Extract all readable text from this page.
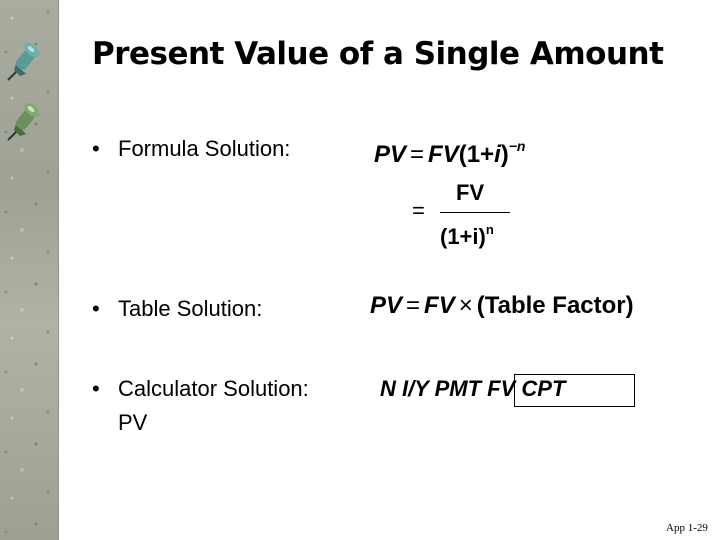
Present Value of a Single Amount
• Formula Solution:	PV = $FV(1+i)^{-n}$
=
FV
$(1+i)^n$
• Table Solution:	PV = FV × (Table Factor)
• Calculator Solution:	N I/Y PMT FV CPT
PV
App 1-29
